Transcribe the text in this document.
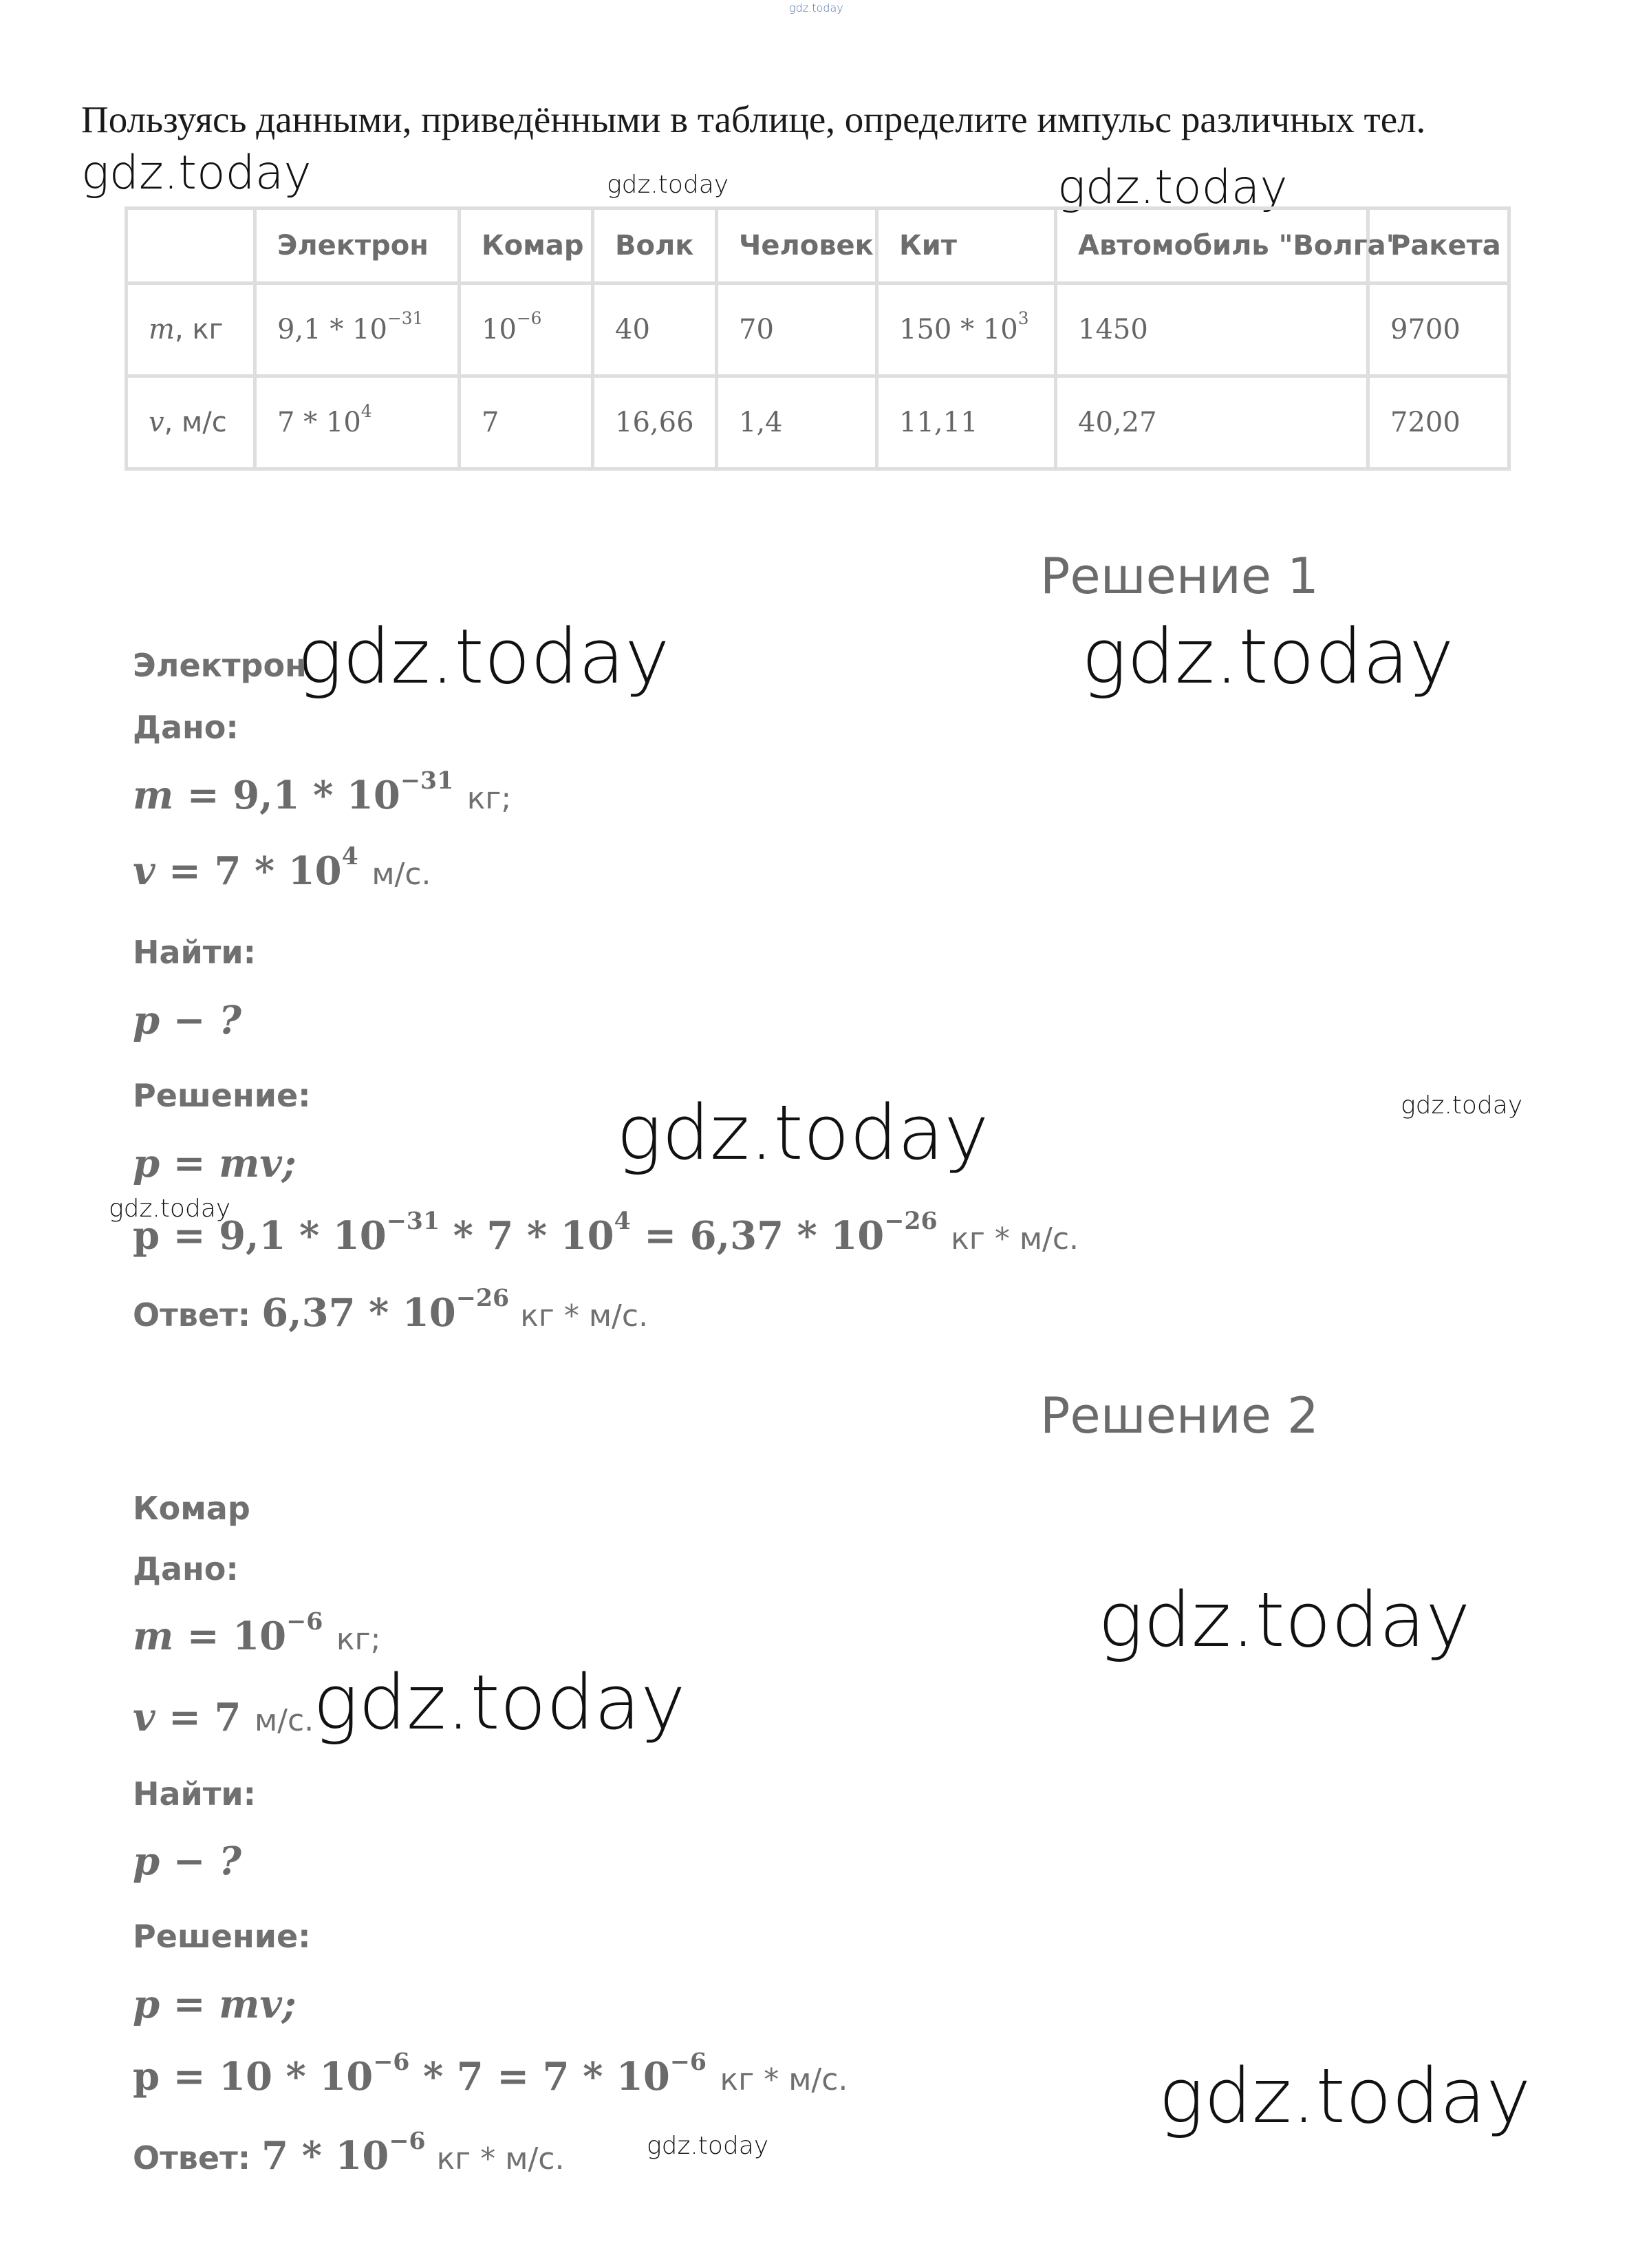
gdz.today
gdz.today	gdz.today	gdz.today
gdz.today	gdz.today
gdz.today	gdz.today
gdz.today
gdz.today
gdz.today
gdz.today
gdz.today
Пользуясь данными, приведёнными в таблице, определите импульс различных тел.
	Электрон	Комар	Волк	Человек	Кит	Автомобиль "Волга"	Ракета
m, кг	$9,1 * 10^{-31}$	$10^{-6}$	40	70	$150 * 10^3$	1450	9700
v, м/с	$7 * 10^4$	7	16,66	1,4	11,11	40,27	7200
Решение 1
Электрон
Дано:
$m = 9,1 * 10^{-31}$ кг;
$v = 7 * 10^4$ м/с.
Найти:
p − ?
Решение:
p = mv;
$p = 9,1 * 10^{-31} * 7 * 10^4 = 6,37 * 10^{-26}$ кг * м/с.
Ответ: $6,37 * 10^{-26}$ кг * м/с.
Решение 2
Комар
Дано:
$m = 10^{-6}$ кг;
v = 7 м/с.
Найти:
p − ?
Решение:
p = mv;
$p = 10 * 10^{-6} * 7 = 7 * 10^{-6}$ кг * м/с.
Ответ: $7 * 10^{-6}$ кг * м/с.
